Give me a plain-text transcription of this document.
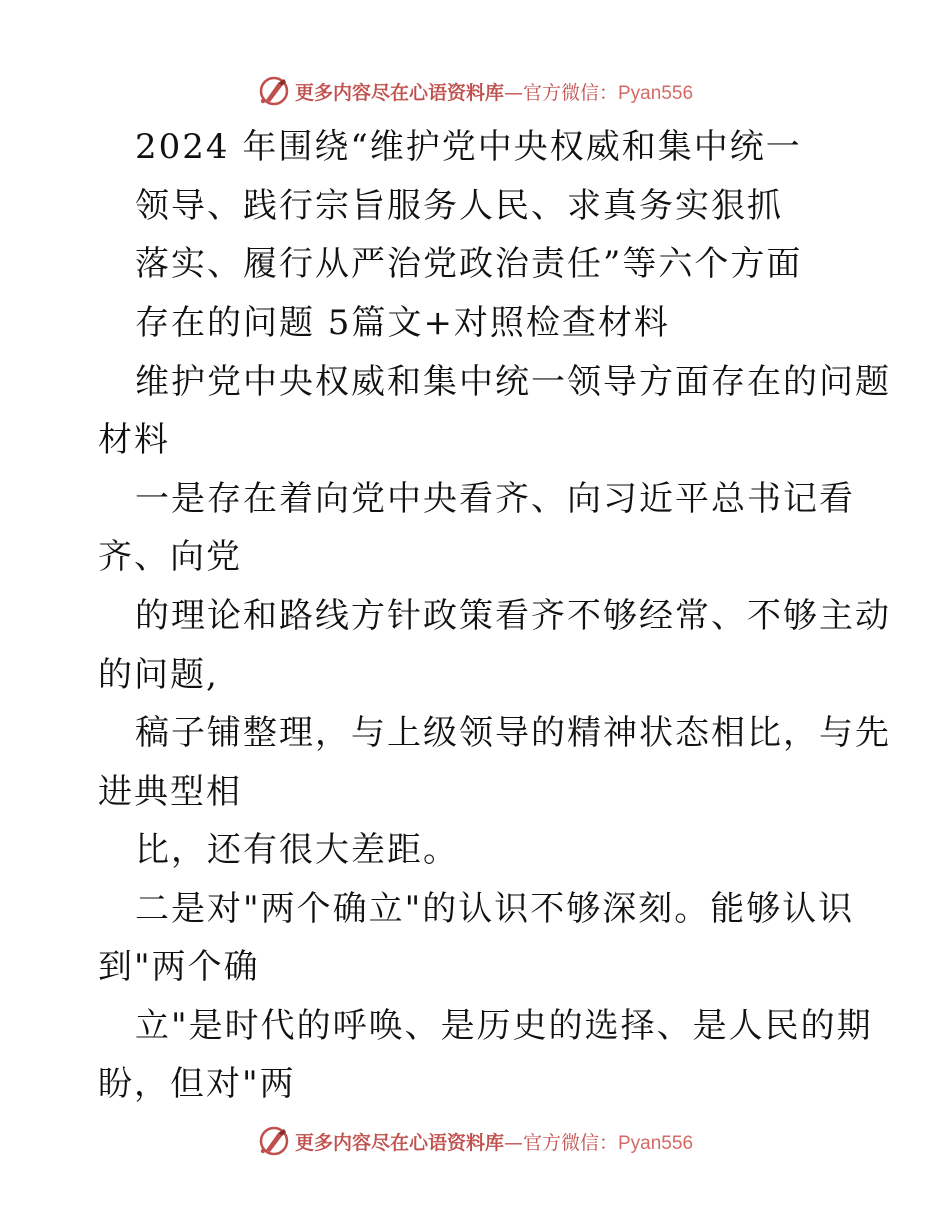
更多内容尽在心语资料库—官方微信：Pyan556
2024 年围绕“维护党中央权威和集中统一
领导、践行宗旨服务人民、求真务实狠抓
落实、履行从严治党政治责任”等六个方面
存在的问题 5篇文+对照检查材料
维护党中央权威和集中统一领导方面存在的问题
材料
一是存在着向党中央看齐、向习近平总书记看
齐、向党
的理论和路线方针政策看齐不够经常、不够主动
的问题,
稿子铺整理，与上级领导的精神状态相比，与先
进典型相
比，还有很大差距。
二是对"两个确立"的认识不够深刻。能够认识
到"两个确
立"是时代的呼唤、是历史的选择、是人民的期
盼，但对"两
更多内容尽在心语资料库—官方微信：Pyan556
